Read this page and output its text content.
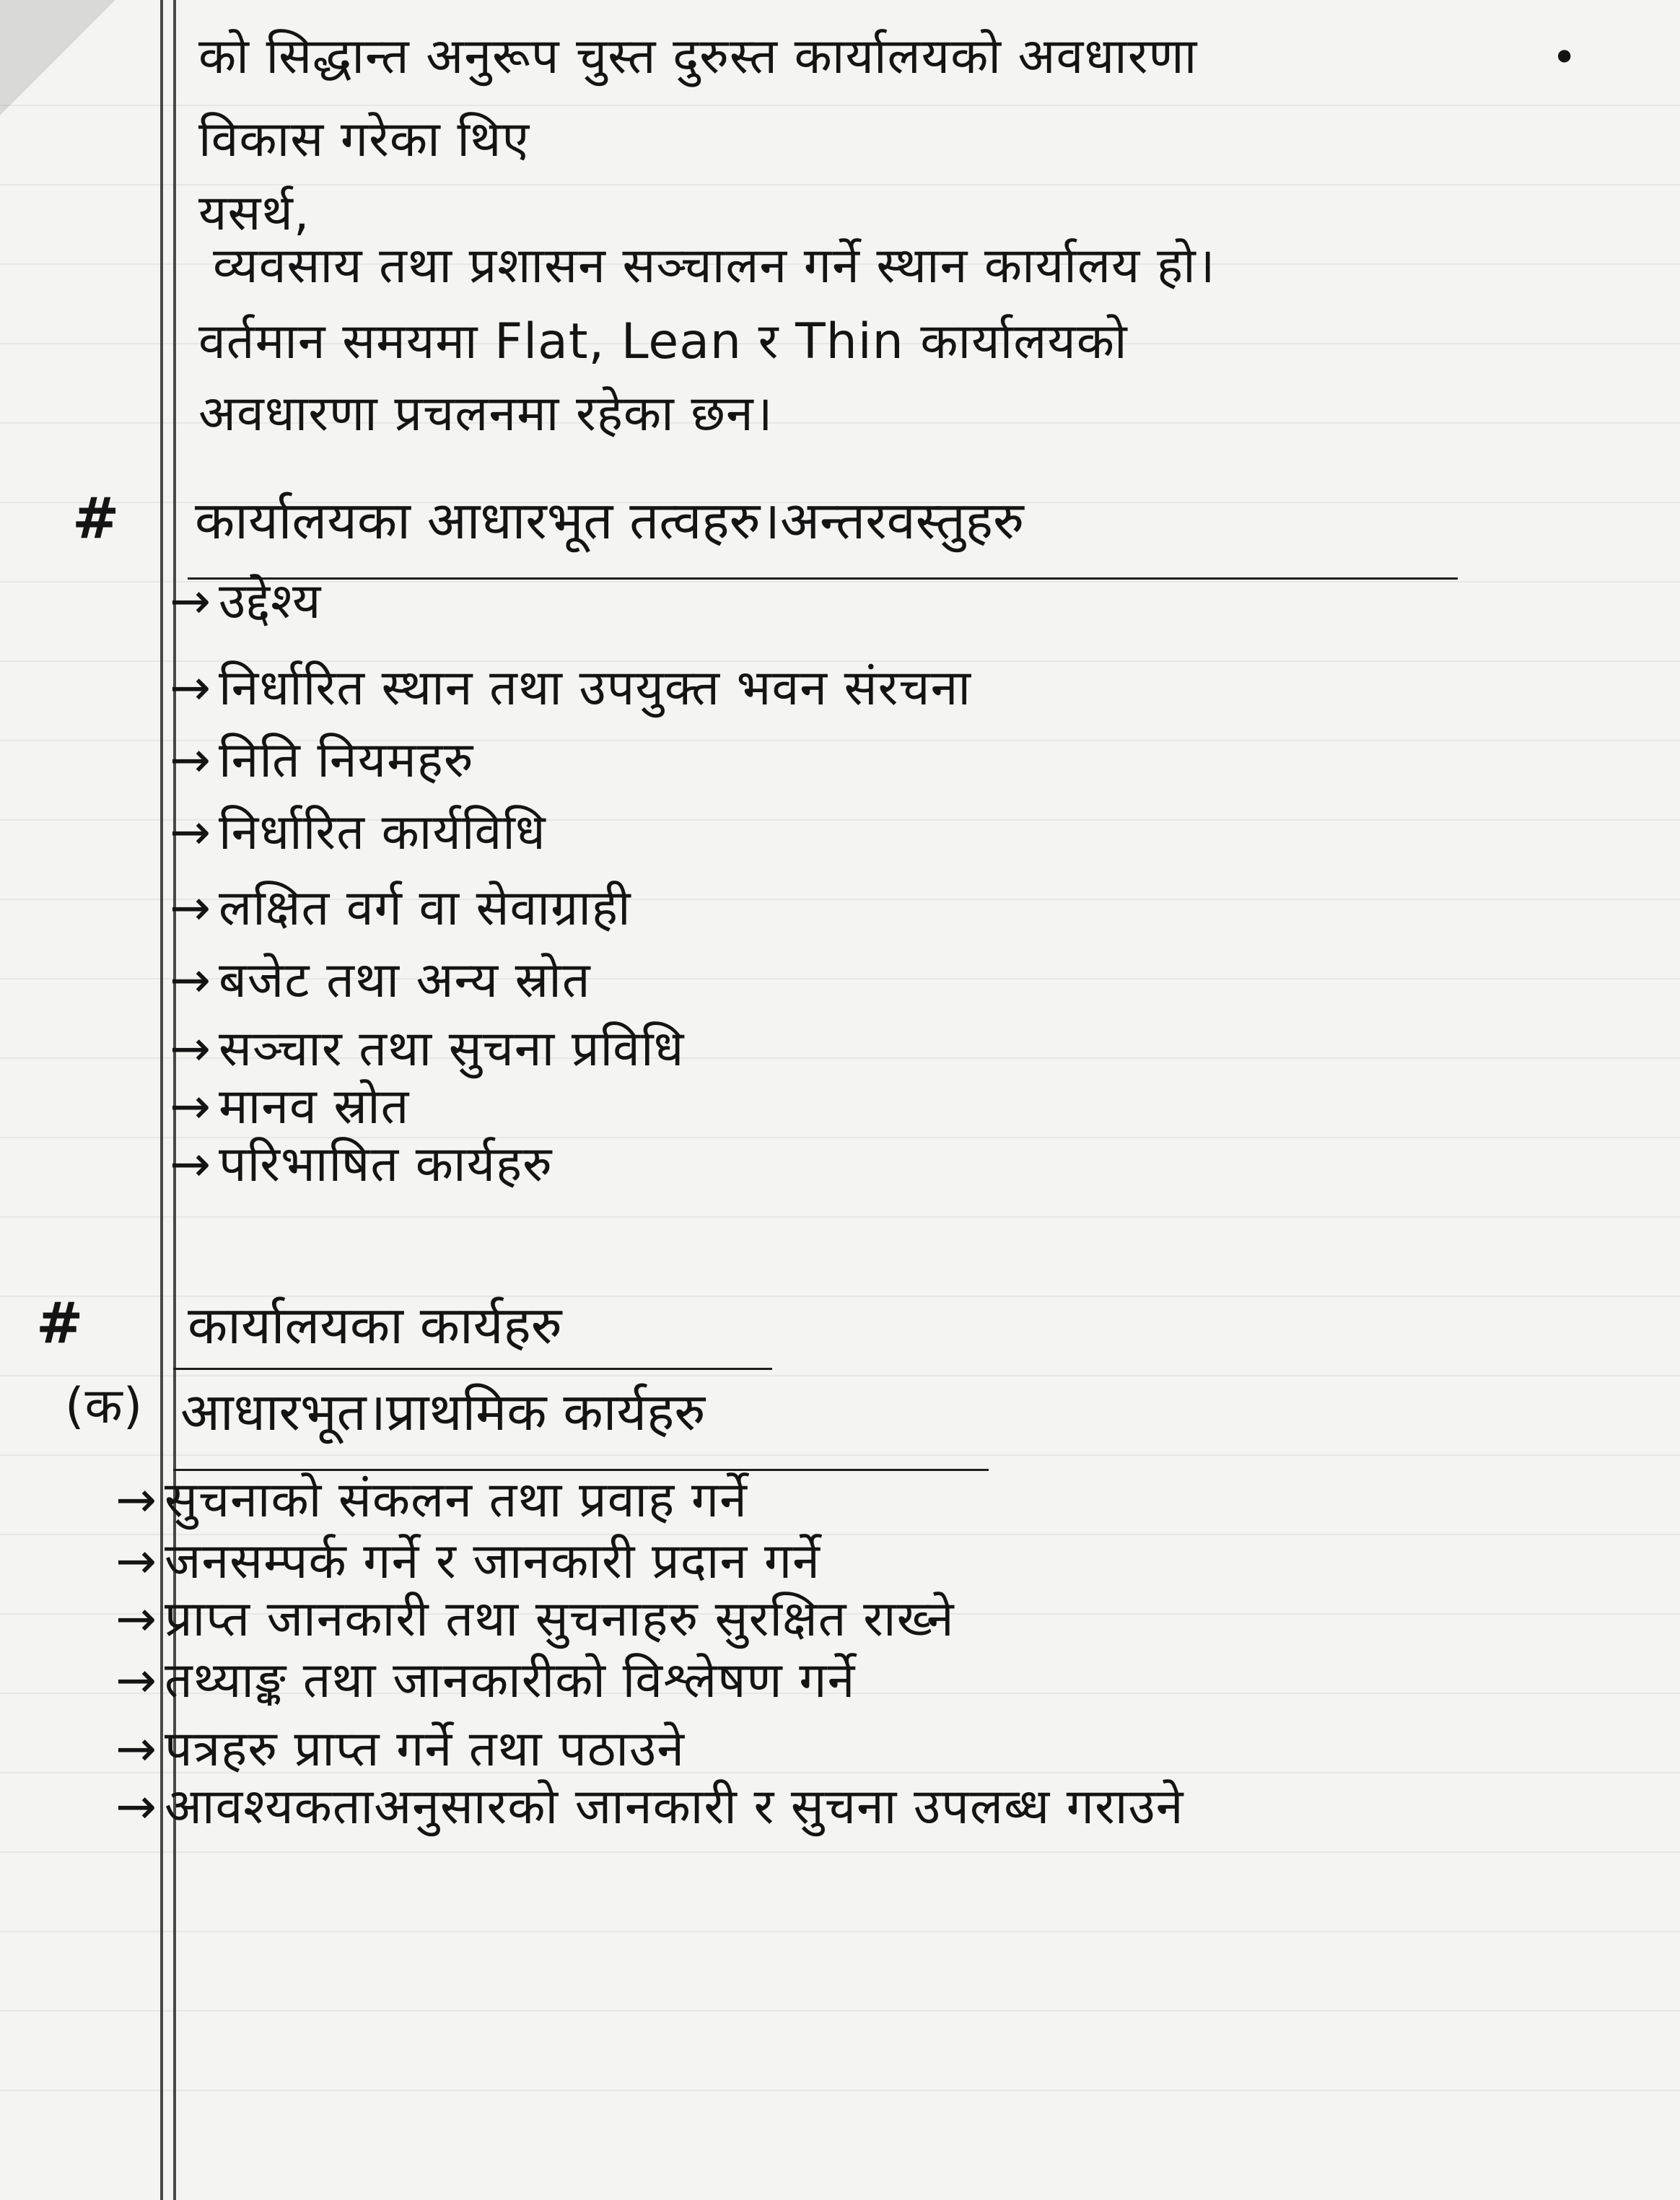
को सिद्धान्त अनुरूप चुस्त दुरुस्त कार्यालयको अवधारणा	•
विकास गरेका थिए
यसर्थ,
व्यवसाय तथा प्रशासन सञ्चालन गर्ने स्थान कार्यालय हो।
वर्तमान समयमा Flat, Lean र Thin कार्यालयको
अवधारणा प्रचलनमा रहेका छन।
# कार्यालयका आधारभूत तत्वहरु।अन्तरवस्तुहरु
→ उद्देश्य
→ निर्धारित स्थान तथा उपयुक्त भवन संरचना
→ निति नियमहरु
→ निर्धारित कार्यविधि
→ लक्षित वर्ग वा सेवाग्राही
→ बजेट तथा अन्य स्रोत
→ सञ्चार तथा सुचना प्रविधि
→ मानव स्रोत
→ परिभाषित कार्यहरु
# कार्यालयका कार्यहरु
(क) आधारभूत।प्राथमिक कार्यहरु
→ सुचनाको संकलन तथा प्रवाह गर्ने
→ जनसम्पर्क गर्ने र जानकारी प्रदान गर्ने
→ प्राप्त जानकारी तथा सुचनाहरु सुरक्षित राख्ने
→ तथ्याङ्क तथा जानकारीको विश्लेषण गर्ने
→ पत्रहरु प्राप्त गर्ने तथा पठाउने
→ आवश्यकताअनुसारको जानकारी र सुचना उपलब्ध गराउने
